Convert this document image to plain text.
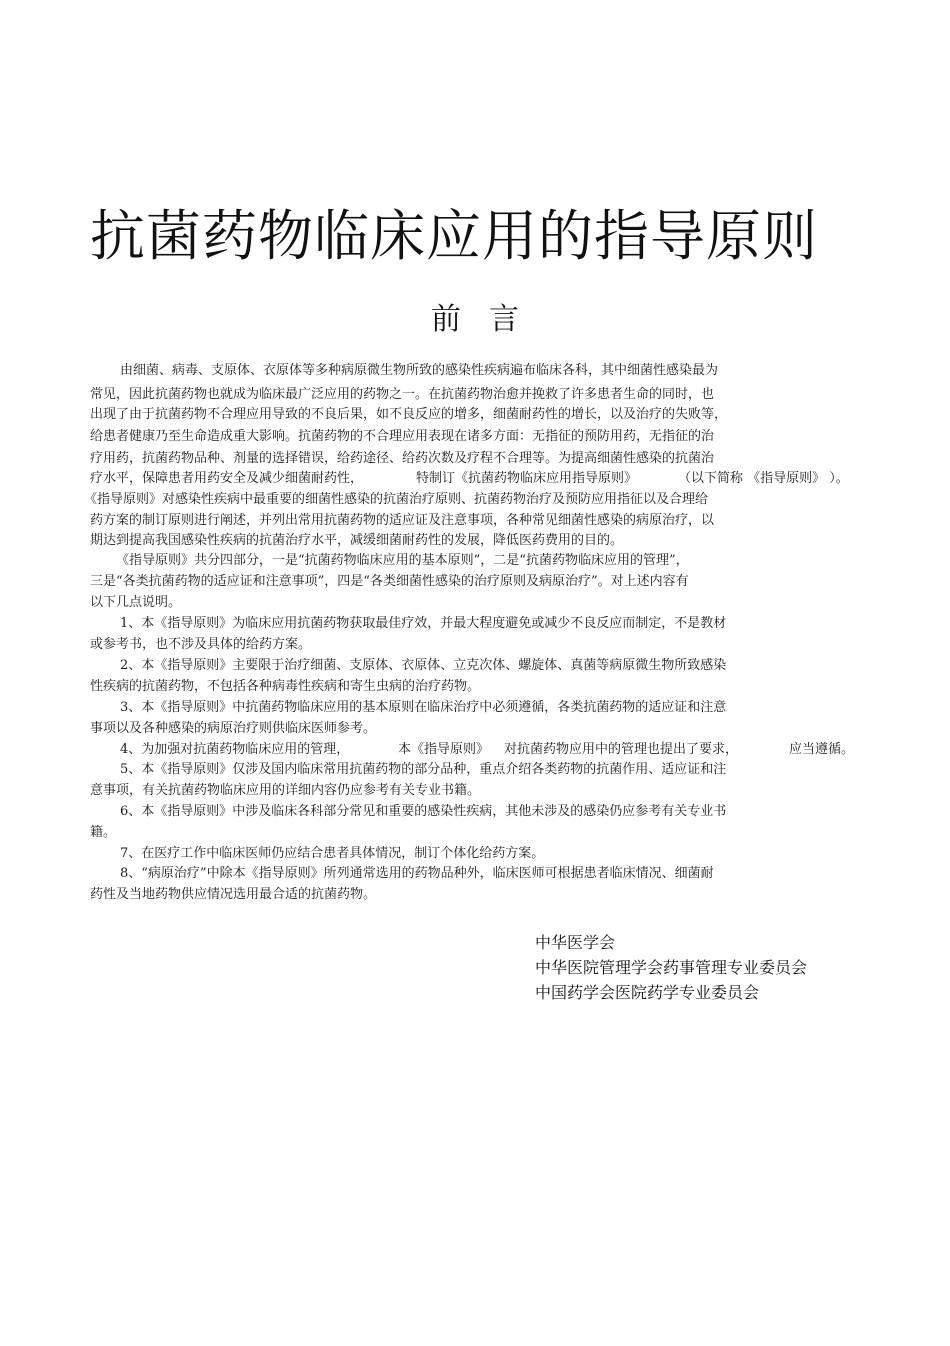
抗菌药物临床应用的指导原则
前 言
由细菌、病毒、支原体、衣原体等多种病原微生物所致的感染性疾病遍布临床各科，其中细菌性感染最为
常见，因此抗菌药物也就成为临床最广泛应用的药物之一。在抗菌药物治愈并挽救了许多患者生命的同时，也
出现了由于抗菌药物不合理应用导致的不良后果，如不良反应的增多，细菌耐药性的增长，以及治疗的失败等，
给患者健康乃至生命造成重大影响。抗菌药物的不合理应用表现在诸多方面：无指征的预防用药，无指征的治
疗用药，抗菌药物品种、剂量的选择错误，给药途径、给药次数及疗程不合理等。为提高细菌性感染的抗菌治
疗水平，保障患者用药安全及减少细菌耐药性，	特制订《抗菌药物临床应用指导原则》	（以下简称 《指导原则》 ）。
《指导原则》对感染性疾病中最重要的细菌性感染的抗菌治疗原则、抗菌药物治疗及预防应用指征以及合理给
药方案的制订原则进行阐述，并列出常用抗菌药物的适应证及注意事项，各种常见细菌性感染的病原治疗，以
期达到提高我国感染性疾病的抗菌治疗水平，减缓细菌耐药性的发展，降低医药费用的目的。
《指导原则》共分四部分，一是“抗菌药物临床应用的基本原则”，二是“抗菌药物临床应用的管理”，
三是“各类抗菌药物的适应证和注意事项”，四是“各类细菌性感染的治疗原则及病原治疗”。对上述内容有
以下几点说明。
1、本《指导原则》为临床应用抗菌药物获取最佳疗效，并最大程度避免或减少不良反应而制定，不是教材
或参考书，也不涉及具体的给药方案。
2、本《指导原则》主要限于治疗细菌、支原体、衣原体、立克次体、螺旋体、真菌等病原微生物所致感染
性疾病的抗菌药物，不包括各种病毒性疾病和寄生虫病的治疗药物。
3、本《指导原则》中抗菌药物临床应用的基本原则在临床治疗中必须遵循，各类抗菌药物的适应证和注意
事项以及各种感染的病原治疗则供临床医师参考。
4、为加强对抗菌药物临床应用的管理，	本《指导原则》 对抗菌药物应用中的管理也提出了要求，	应当遵循。
5、本《指导原则》仅涉及国内临床常用抗菌药物的部分品种，重点介绍各类药物的抗菌作用、适应证和注
意事项，有关抗菌药物临床应用的详细内容仍应参考有关专业书籍。
6、本《指导原则》中涉及临床各科部分常见和重要的感染性疾病，其他未涉及的感染仍应参考有关专业书
籍。
7、在医疗工作中临床医师仍应结合患者具体情况，制订个体化给药方案。
8、“病原治疗”中除本《指导原则》所列通常选用的药物品种外，临床医师可根据患者临床情况、细菌耐
药性及当地药物供应情况选用最合适的抗菌药物。
中华医学会
中华医院管理学会药事管理专业委员会
中国药学会医院药学专业委员会
